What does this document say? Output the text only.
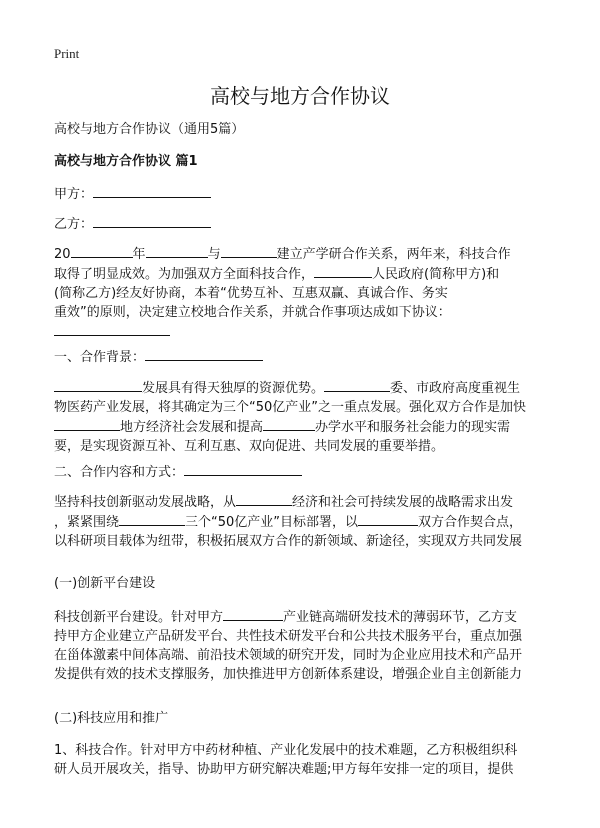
Print
高校与地方合作协议
高校与地方合作协议（通用5篇）
高校与地方合作协议 篇1
甲方：
乙方：
20	年	与	建立产学研合作关系，两年来，科技合作
取得了明显成效。为加强双方全面科技合作，	人民政府(简称甲方)和
(简称乙方)经友好协商，本着“优势互补、互惠双赢、真诚合作、务实
重效”的原则，决定建立校地合作关系，并就合作事项达成如下协议：
一、合作背景：
发展具有得天独厚的资源优势。	委、市政府高度重视生
物医药产业发展，将其确定为三个“50亿产业”之一重点发展。强化双方合作是加快
地方经济社会发展和提高	办学水平和服务社会能力的现实需
要，是实现资源互补、互利互惠、双向促进、共同发展的重要举措。
二、合作内容和方式：
坚持科技创新驱动发展战略，从	经济和社会可持续发展的战略需求出发
，紧紧围绕	三个“50亿产业”目标部署，以	双方合作契合点，
以科研项目载体为纽带，积极拓展双方合作的新领域、新途径，实现双方共同发展
(一)创新平台建设
科技创新平台建设。针对甲方	产业链高端研发技术的薄弱环节，乙方支
持甲方企业建立产品研发平台、共性技术研发平台和公共技术服务平台，重点加强
在甾体激素中间体高端、前沿技术领域的研究开发，同时为企业应用技术和产品开
发提供有效的技术支撑服务，加快推进甲方创新体系建设，增强企业自主创新能力
(二)科技应用和推广
1、科技合作。针对甲方中药材种植、产业化发展中的技术难题，乙方积极组织科
研人员开展攻关，指导、协助甲方研究解决难题;甲方每年安排一定的项目，提供
